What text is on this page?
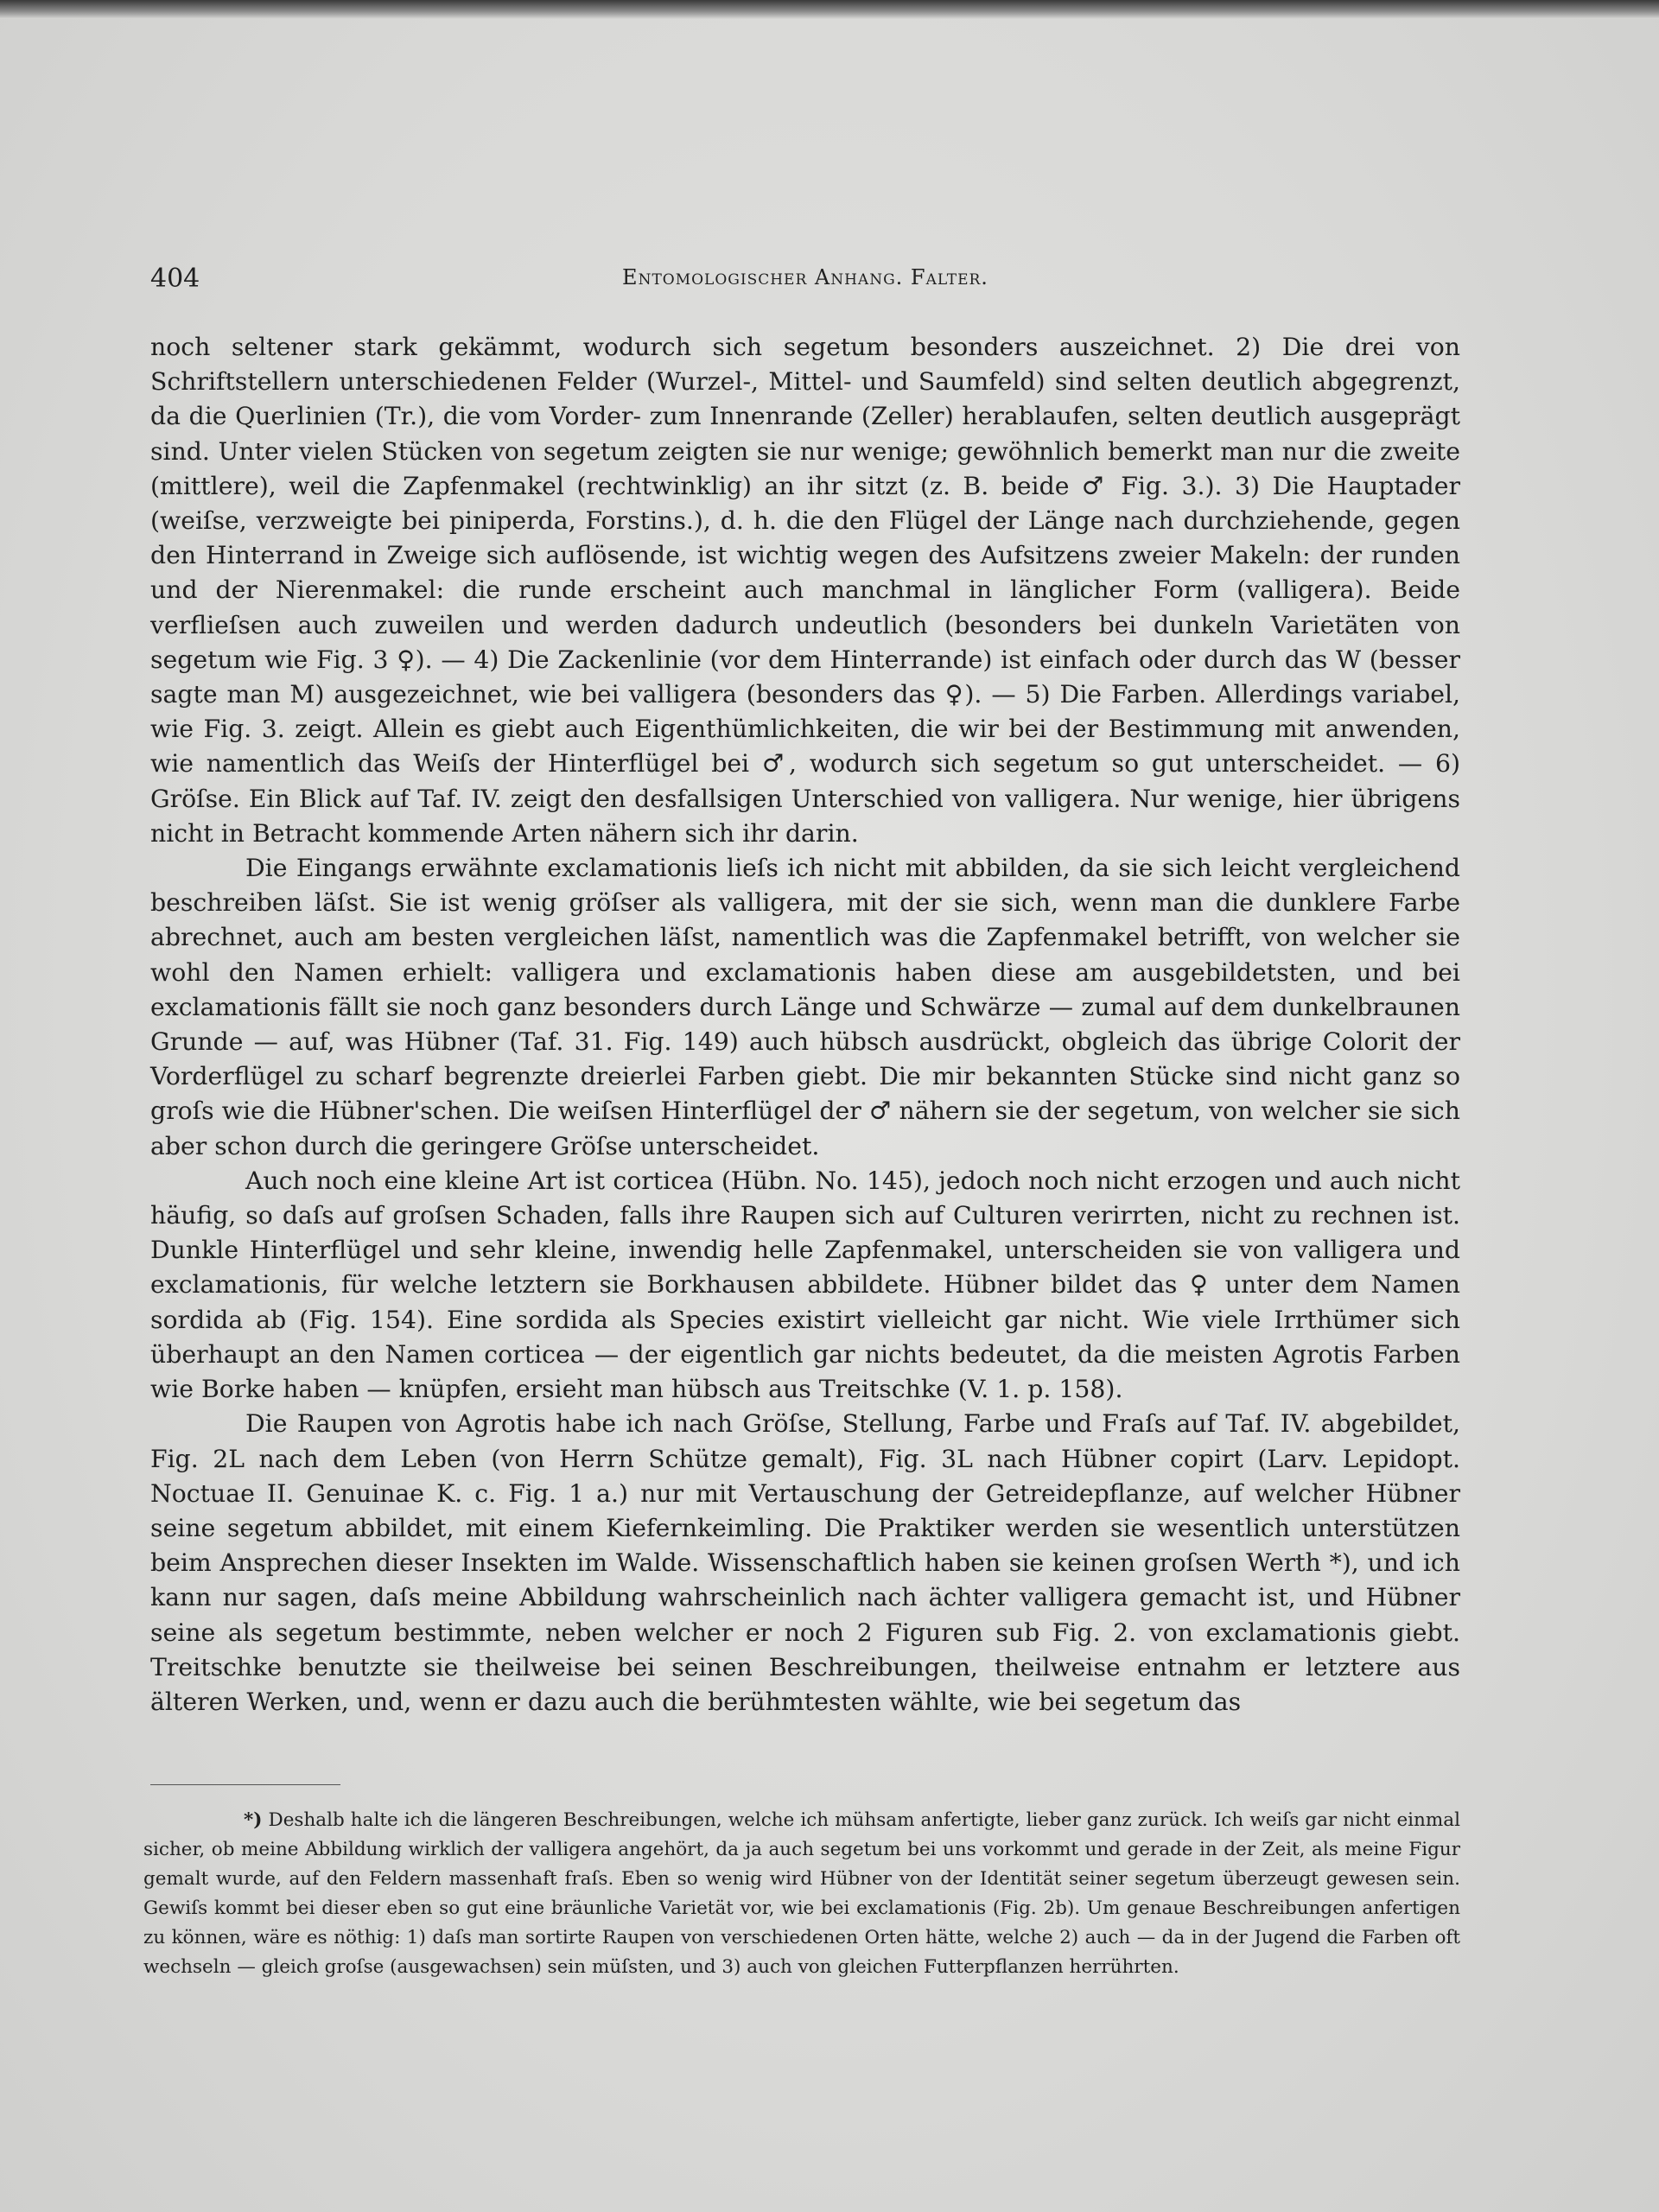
404	Entomologischer Anhang. Falter.

noch seltener stark gekämmt, wodurch sich segetum besonders auszeichnet. 2) Die drei von Schriftstellern unterschiedenen Felder (Wurzel-, Mittel- und Saumfeld) sind selten deutlich abgegrenzt, da die Querlinien (Tr.), die vom Vorder- zum Innenrande (Zeller) herablaufen, selten deutlich ausgeprägt sind. Unter vielen Stücken von segetum zeigten sie nur wenige; gewöhnlich bemerkt man nur die zweite (mittlere), weil die Zapfenmakel (rechtwinklig) an ihr sitzt (z. B. beide ♂ Fig. 3.). 3) Die Hauptader (weiſse, verzweigte bei piniperda, Forstins.), d. h. die den Flügel der Länge nach durchziehende, gegen den Hinterrand in Zweige sich auflösende, ist wichtig wegen des Aufsitzens zweier Makeln: der runden und der Nierenmakel: die runde erscheint auch manchmal in länglicher Form (valligera). Beide verflieſsen auch zuweilen und werden dadurch undeutlich (besonders bei dunkeln Varietäten von segetum wie Fig. 3 ♀). — 4) Die Zackenlinie (vor dem Hinterrande) ist einfach oder durch das W (besser sagte man M) ausgezeichnet, wie bei valligera (besonders das ♀). — 5) Die Farben. Allerdings variabel, wie Fig. 3. zeigt. Allein es giebt auch Eigenthümlichkeiten, die wir bei der Bestimmung mit anwenden, wie namentlich das Weiſs der Hinterflügel bei ♂, wodurch sich segetum so gut unterscheidet. — 6) Gröſse. Ein Blick auf Taf. IV. zeigt den desfallsigen Unterschied von valligera. Nur wenige, hier übrigens nicht in Betracht kommende Arten nähern sich ihr darin.

Die Eingangs erwähnte exclamationis lieſs ich nicht mit abbilden, da sie sich leicht vergleichend beschreiben läſst. Sie ist wenig gröſser als valligera, mit der sie sich, wenn man die dunklere Farbe abrechnet, auch am besten vergleichen läſst, namentlich was die Zapfenmakel betrifft, von welcher sie wohl den Namen erhielt: valligera und exclamationis haben diese am ausgebildetsten, und bei exclamationis fällt sie noch ganz besonders durch Länge und Schwärze — zumal auf dem dunkelbraunen Grunde — auf, was Hübner (Taf. 31. Fig. 149) auch hübsch ausdrückt, obgleich das übrige Colorit der Vorderflügel zu scharf begrenzte dreierlei Farben giebt. Die mir bekannten Stücke sind nicht ganz so groſs wie die Hübner'schen. Die weiſsen Hinterflügel der ♂ nähern sie der segetum, von welcher sie sich aber schon durch die geringere Gröſse unterscheidet.

Auch noch eine kleine Art ist corticea (Hübn. No. 145), jedoch noch nicht erzogen und auch nicht häufig, so daſs auf groſsen Schaden, falls ihre Raupen sich auf Culturen verirrten, nicht zu rechnen ist. Dunkle Hinterflügel und sehr kleine, inwendig helle Zapfenmakel, unterscheiden sie von valligera und exclamationis, für welche letztern sie Borkhausen abbildete. Hübner bildet das ♀ unter dem Namen sordida ab (Fig. 154). Eine sordida als Species existirt vielleicht gar nicht. Wie viele Irrthümer sich überhaupt an den Namen corticea — der eigentlich gar nichts bedeutet, da die meisten Agrotis Farben wie Borke haben — knüpfen, ersieht man hübsch aus Treitschke (V. 1. p. 158).

Die Raupen von Agrotis habe ich nach Gröſse, Stellung, Farbe und Fraſs auf Taf. IV. abgebildet, Fig. 2L nach dem Leben (von Herrn Schütze gemalt), Fig. 3L nach Hübner copirt (Larv. Lepidopt. Noctuae II. Genuinae K. c. Fig. 1 a.) nur mit Vertauschung der Getreidepflanze, auf welcher Hübner seine segetum abbildet, mit einem Kiefernkeimling. Die Praktiker werden sie wesentlich unterstützen beim Ansprechen dieser Insekten im Walde. Wissenschaftlich haben sie keinen groſsen Werth *), und ich kann nur sagen, daſs meine Abbildung wahrscheinlich nach ächter valligera gemacht ist, und Hübner seine als segetum bestimmte, neben welcher er noch 2 Figuren sub Fig. 2. von exclamationis giebt. Treitschke benutzte sie theilweise bei seinen Beschreibungen, theilweise entnahm er letztere aus älteren Werken, und, wenn er dazu auch die berühmtesten wählte, wie bei segetum das

*) Deshalb halte ich die längeren Beschreibungen, welche ich mühsam anfertigte, lieber ganz zurück. Ich weiſs gar nicht einmal sicher, ob meine Abbildung wirklich der valligera angehört, da ja auch segetum bei uns vorkommt und gerade in der Zeit, als meine Figur gemalt wurde, auf den Feldern massenhaft fraſs. Eben so wenig wird Hübner von der Identität seiner segetum überzeugt gewesen sein. Gewiſs kommt bei dieser eben so gut eine bräunliche Varietät vor, wie bei exclamationis (Fig. 2b). Um genaue Beschreibungen anfertigen zu können, wäre es nöthig: 1) daſs man sortirte Raupen von verschiedenen Orten hätte, welche 2) auch — da in der Jugend die Farben oft wechseln — gleich groſse (ausgewachsen) sein müſsten, und 3) auch von gleichen Futterpflanzen herrührten.
